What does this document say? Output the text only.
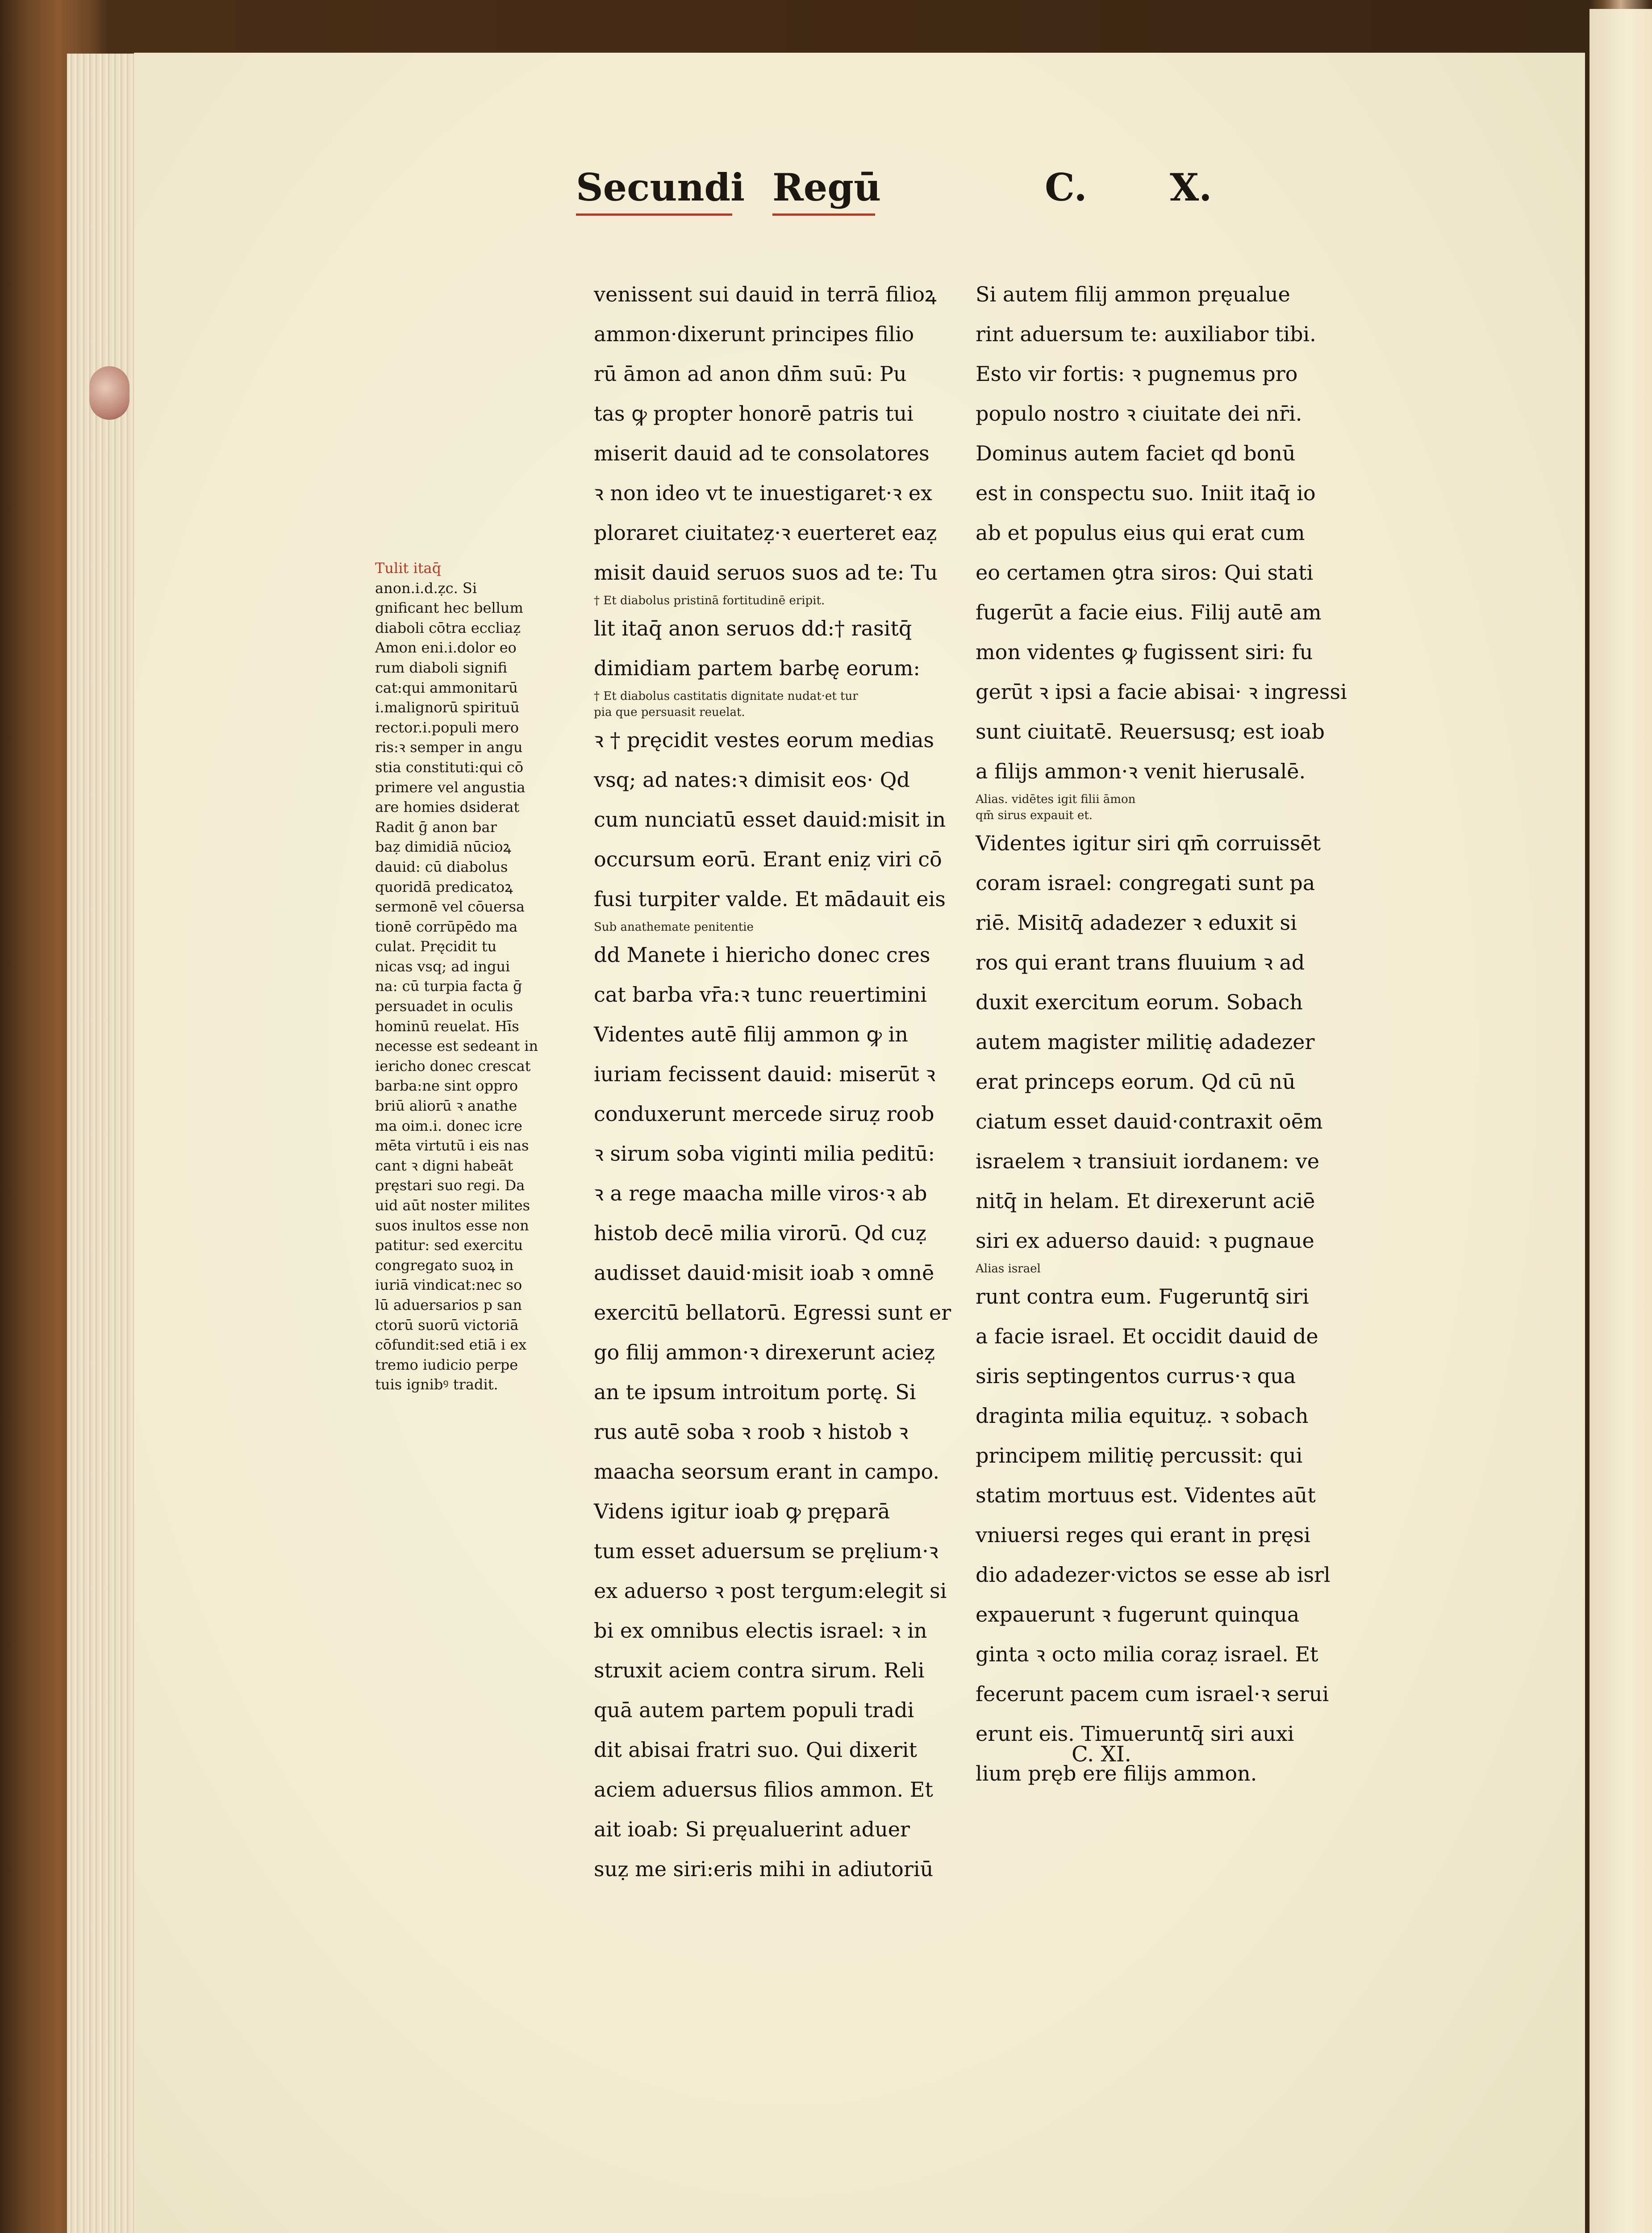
Secundi Regū	C. X.
Tulit itaq̄
anon.i.d.ẓc. Si
gnificant hec bellum
diaboli cōtra eccliaẓ
Amon eni.i.dolor eo
rum diaboli signifi
cat:qui ammonitarū
i.malignorū spirituū
rector.i.populi mero
ris:ꝛ semper in angu
stia constituti:qui cō
primere vel angustia
are homies dsiderat
Radit ḡ anon bar
baẓ dimidiā nūcioꝝ
dauid: cū diabolus
quoridā predicatoꝝ
sermonē vel cōuersa
tionē corrūpēdo ma
culat. Pręcidit tu
nicas vsq; ad ingui
na: cū turpia facta ḡ
persuadet in oculis
hominū reuelat. Hīs
necesse est sedeant in
iericho donec crescat
barba:ne sint oppro
briū aliorū ꝛ anathe
ma oim.i. donec icre
mēta virtutū i eis nas
cant ꝛ digni habeāt
pręstari suo regi. Da
uid aūt noster milites
suos inultos esse non
patitur: sed exercitu
congregato suoꝝ in
iuriā vindicat:nec so
lū aduersarios p san
ctorū suorū victoriā
cōfundit:sed etiā i ex
tremo iudicio perpe
tuis ignibꝰ tradit.
venissent sui dauid in terrā filioꝝ
ammon·dixerunt principes filio
rū āmon ad anon dn̄m suū: Pu
tas ꝙ propter honorē patris tui
miserit dauid ad te consolatores
ꝛ non ideo vt te inuestigaret·ꝛ ex
ploraret ciuitateẓ·ꝛ euerteret eaẓ
misit dauid seruos suos ad te: Tu
† Et diabolus pristinā fortitudinē eripit.
lit itaq̄ anon seruos dd:† rasitq̄
dimidiam partem barbę eorum:
† Et diabolus castitatis dignitate nudat·et tur
pia que persuasit reuelat.
ꝛ † pręcidit vestes eorum medias
vsq; ad nates:ꝛ dimisit eos· Qd
cum nunciatū esset dauid:misit in
occursum eorū. Erant eniẓ viri cō
fusi turpiter valde. Et mādauit eis
Sub anathemate penitentie
dd Manete i hiericho donec cres
cat barba vr̄a:ꝛ tunc reuertimini
Videntes autē filij ammon ꝙ in
iuriam fecissent dauid: miserūt ꝛ
conduxerunt mercede siruẓ roob
ꝛ sirum soba viginti milia peditū:
ꝛ a rege maacha mille viros·ꝛ ab
histob decē milia virorū. Qd cuẓ
audisset dauid·misit ioab ꝛ omnē
exercitū bellatorū. Egressi sunt er
go filij ammon·ꝛ direxerunt acieẓ
an te ipsum introitum portę. Si
rus autē soba ꝛ roob ꝛ histob ꝛ
maacha seorsum erant in campo.
Videns igitur ioab ꝙ pręparā
tum esset aduersum se pręlium·ꝛ
ex aduerso ꝛ post tergum:elegit si
bi ex omnibus electis israel: ꝛ in
struxit aciem contra sirum. Reli
quā autem partem populi tradi
dit abisai fratri suo. Qui dixerit
aciem aduersus filios ammon. Et
ait ioab: Si pręualuerint aduer
suẓ me siri:eris mihi in adiutoriū
Si autem filij ammon pręualue
rint aduersum te: auxiliabor tibi.
Esto vir fortis: ꝛ pugnemus pro
populo nostro ꝛ ciuitate dei nr̄i.
Dominus autem faciet qd bonū
est in conspectu suo. Iniit itaq̄ io
ab et populus eius qui erat cum
eo certamen ꝯtra siros: Qui stati
fugerūt a facie eius. Filij autē am
mon videntes ꝙ fugissent siri: fu
gerūt ꝛ ipsi a facie abisai· ꝛ ingressi
sunt ciuitatē. Reuersusq; est ioab
a filijs ammon·ꝛ venit hierusalē.
Alias. vidētes igit filii āmon
qm̄ sirus expauit et.
Videntes igitur siri qm̄ corruissēt
coram israel: congregati sunt pa
riē. Misitq̄ adadezer ꝛ eduxit si
ros qui erant trans fluuium ꝛ ad
duxit exercitum eorum. Sobach
autem magister militię adadezer
erat princeps eorum. Qd cū nū
ciatum esset dauid·contraxit oēm
israelem ꝛ transiuit iordanem: ve
nitq̄ in helam. Et direxerunt aciē
siri ex aduerso dauid: ꝛ pugnaue
Alias israel
runt contra eum. Fugeruntq̄ siri
a facie israel. Et occidit dauid de
siris septingentos currus·ꝛ qua
draginta milia equituẓ. ꝛ sobach
principem militię percussit: qui
statim mortuus est. Videntes aūt
vniuersi reges qui erant in pręsi
dio adadezer·victos se esse ab isrl
expauerunt ꝛ fugerunt quinqua
ginta ꝛ octo milia coraẓ israel. Et
fecerunt pacem cum israel·ꝛ serui
erunt eis. Timueruntq̄ siri auxi
lium pręb ere filijs ammon.
C. XI.
